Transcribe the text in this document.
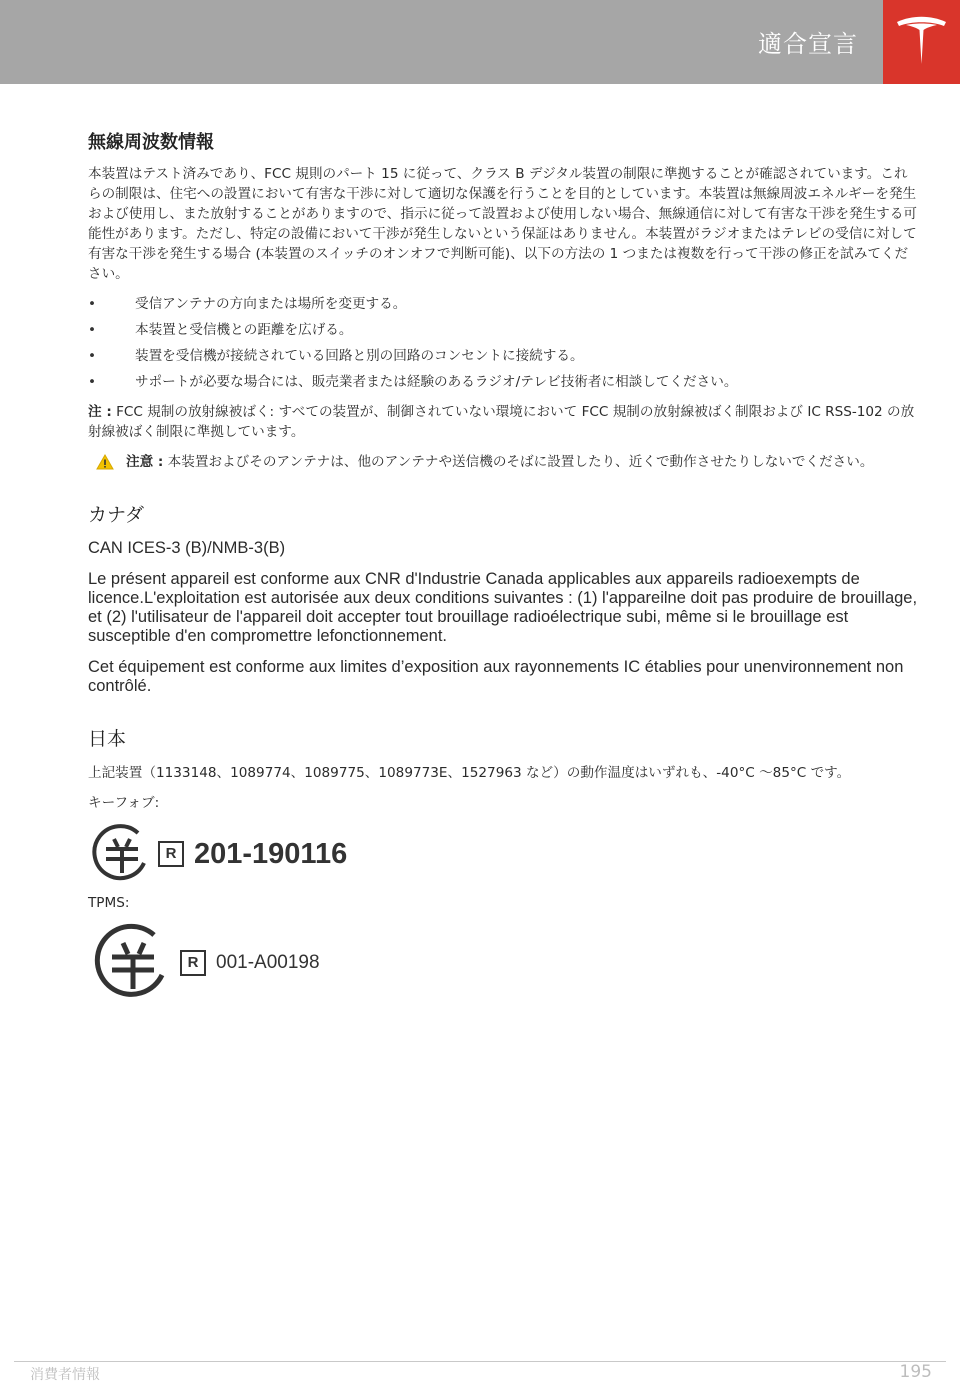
適合宣言
無線周波数情報

本装置はテスト済みであり、FCC 規則のパート 15 に従って、クラス B デジタル装置の制限に準拠することが確認されています。これらの制限は、住宅への設置において有害な干渉に対して適切な保護を行うことを目的としています。本装置は無線周波エネルギーを発生および使用し、また放射することがありますので、指示に従って設置および使用しない場合、無線通信に対して有害な干渉を発生する可能性があります。ただし、特定の設備において干渉が発生しないという保証はありません。本装置がラジオまたはテレビの受信に対して有害な干渉を発生する場合 (本装置のスイッチのオンオフで判断可能)、以下の方法の 1 つまたは複数を行って干渉の修正を試みてください。

• 受信アンテナの方向または場所を変更する。
• 本装置と受信機との距離を広げる。
• 装置を受信機が接続されている回路と別の回路のコンセントに接続する。
• サポートが必要な場合には、販売業者または経験のあるラジオ/テレビ技術者に相談してください。

注 : FCC 規制の放射線被ばく: すべての装置が、制御されていない環境において FCC 規制の放射線被ばく制限および IC RSS-102 の放射線被ばく制限に準拠しています。

注意 : 本装置およびそのアンテナは、他のアンテナや送信機のそばに設置したり、近くで動作させたりしないでください。

カナダ

CAN ICES-3 (B)/NMB-3(B)

Le présent appareil est conforme aux CNR d'Industrie Canada applicables aux appareils radioexempts de licence.L'exploitation est autorisée aux deux conditions suivantes : (1) l'appareilne doit pas produire de brouillage, et (2) l'utilisateur de l'appareil doit accepter tout brouillage radioélectrique subi, même si le brouillage est susceptible d'en compromettre lefonctionnement.

Cet équipement est conforme aux limites d’exposition aux rayonnements IC établies pour unenvironnement non contrôlé.

日本

上記装置（1133148、1089774、1089775、1089773E、1527963 など）の動作温度はいずれも、-40°C ～85°C です。

キーフォブ:

R 201-190116

TPMS:

R 001-A00198
消費者情報	195
